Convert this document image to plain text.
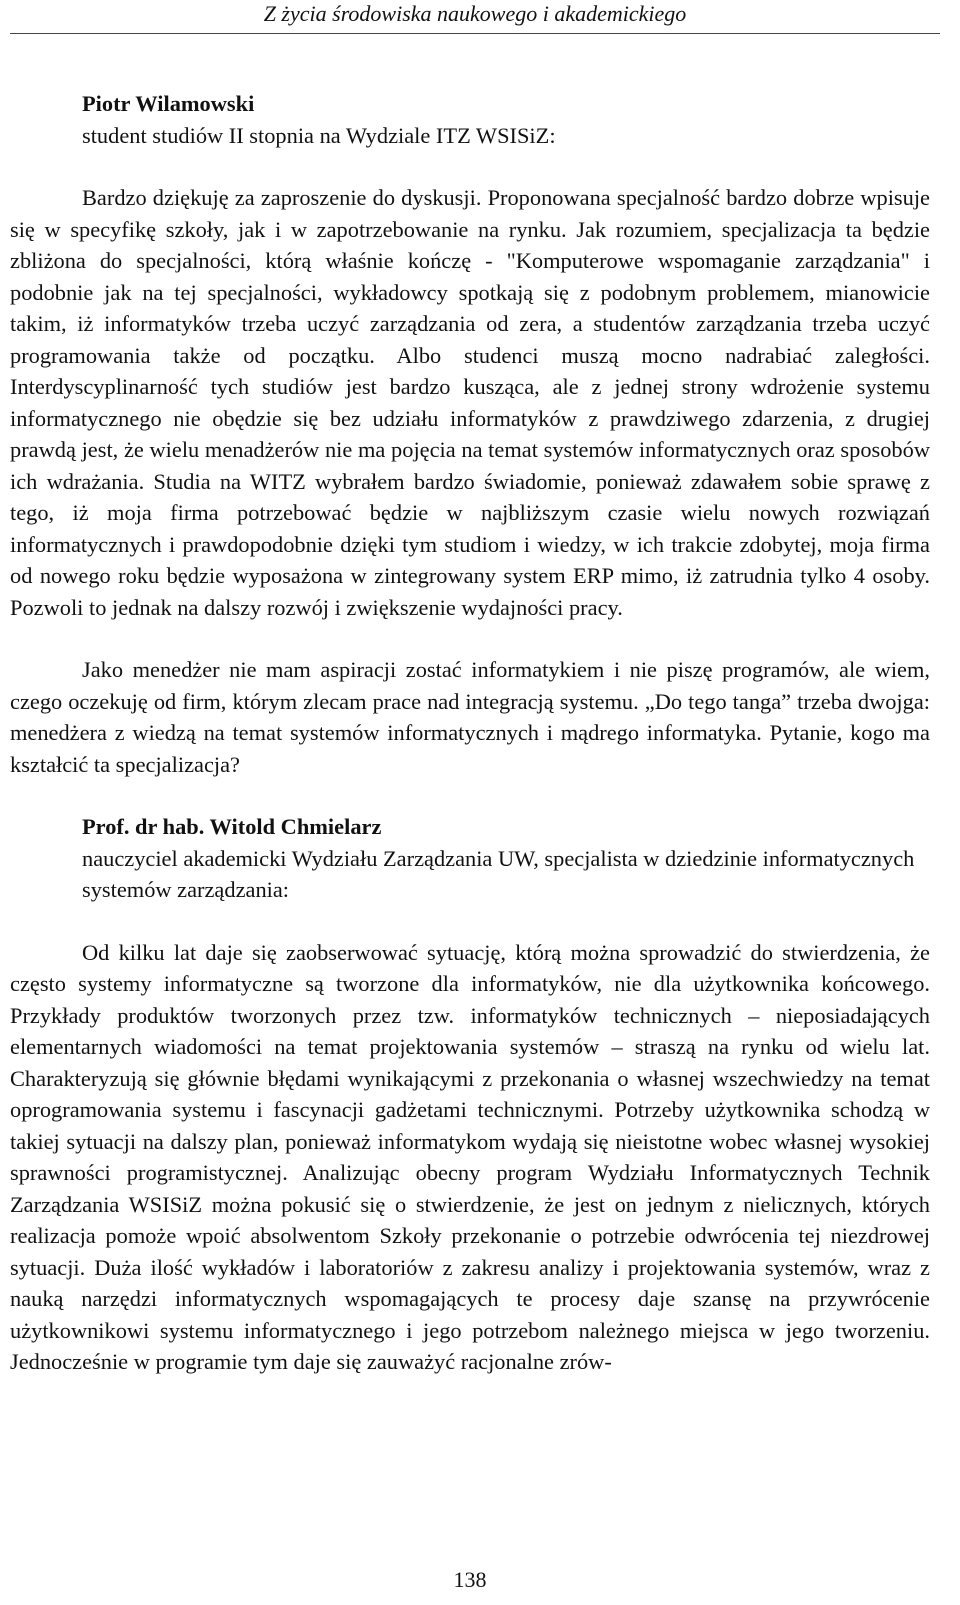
Z życia środowiska naukowego i akademickiego
Piotr Wilamowski
student studiów II stopnia na Wydziale ITZ WSISiZ:

Bardzo dziękuję za zaproszenie do dyskusji. Proponowana specjalność bardzo dobrze wpisuje się w specyfikę szkoły, jak i w zapotrzebowanie na rynku. Jak rozumiem, specjalizacja ta będzie zbliżona do specjalności, którą właśnie kończę - "Komputerowe wspomaganie zarządzania" i podobnie jak na tej specjalności, wykładowcy spotkają się z podobnym problemem, mianowicie takim, iż informatyków trzeba uczyć zarządzania od zera, a studentów zarządzania trzeba uczyć programowania także od początku. Albo studenci muszą mocno nadrabiać zaległości. Interdyscyplinarność tych studiów jest bardzo kusząca, ale z jednej strony wdrożenie systemu informatycznego nie obędzie się bez udziału informatyków z prawdziwego zdarzenia, z drugiej prawdą jest, że wielu menadżerów nie ma pojęcia na temat systemów informatycznych oraz sposobów ich wdrażania. Studia na WITZ wybrałem bardzo świadomie, ponieważ zdawałem sobie sprawę z tego, iż moja firma potrzebować będzie w najbliższym czasie wielu nowych rozwiązań informatycznych i prawdopodobnie dzięki tym studiom i wiedzy, w ich trakcie zdobytej, moja firma od nowego roku będzie wyposażona w zintegrowany system ERP mimo, iż zatrudnia tylko 4 osoby. Pozwoli to jednak na dalszy rozwój i zwiększenie wydajności pracy.

Jako menedżer nie mam aspiracji zostać informatykiem i nie piszę programów, ale wiem, czego oczekuję od firm, którym zlecam prace nad integracją systemu. „Do tego tanga” trzeba dwojga: menedżera z wiedzą na temat systemów informatycznych i mądrego informatyka. Pytanie, kogo ma kształcić ta specjalizacja?

Prof. dr hab. Witold Chmielarz
nauczyciel akademicki Wydziału Zarządzania UW, specjalista w dziedzinie informatycznych systemów zarządzania:

Od kilku lat daje się zaobserwować sytuację, którą można sprowadzić do stwierdzenia, że często systemy informatyczne są tworzone dla informatyków, nie dla użytkownika końcowego. Przykłady produktów tworzonych przez tzw. informatyków technicznych – nieposiadających elementarnych wiadomości na temat projektowania systemów – straszą na rynku od wielu lat. Charakteryzują się głównie błędami wynikającymi z przekonania o własnej wszechwiedzy na temat oprogramowania systemu i fascynacji gadżetami technicznymi. Potrzeby użytkownika schodzą w takiej sytuacji na dalszy plan, ponieważ informatykom wydają się nieistotne wobec własnej wysokiej sprawności programistycznej. Analizując obecny program Wydziału Informatycznych Technik Zarządzania WSISiZ można pokusić się o stwierdzenie, że jest on jednym z nielicznych, których realizacja pomoże wpoić absolwentom Szkoły przekonanie o potrzebie odwrócenia tej niezdrowej sytuacji. Duża ilość wykładów i laboratoriów z zakresu analizy i projektowania systemów, wraz z nauką narzędzi informatycznych wspomagających te procesy daje szansę na przywrócenie użytkownikowi systemu informatycznego i jego potrzebom należnego miejsca w jego tworzeniu. Jednocześnie w programie tym daje się zauważyć racjonalne zrów-

138
